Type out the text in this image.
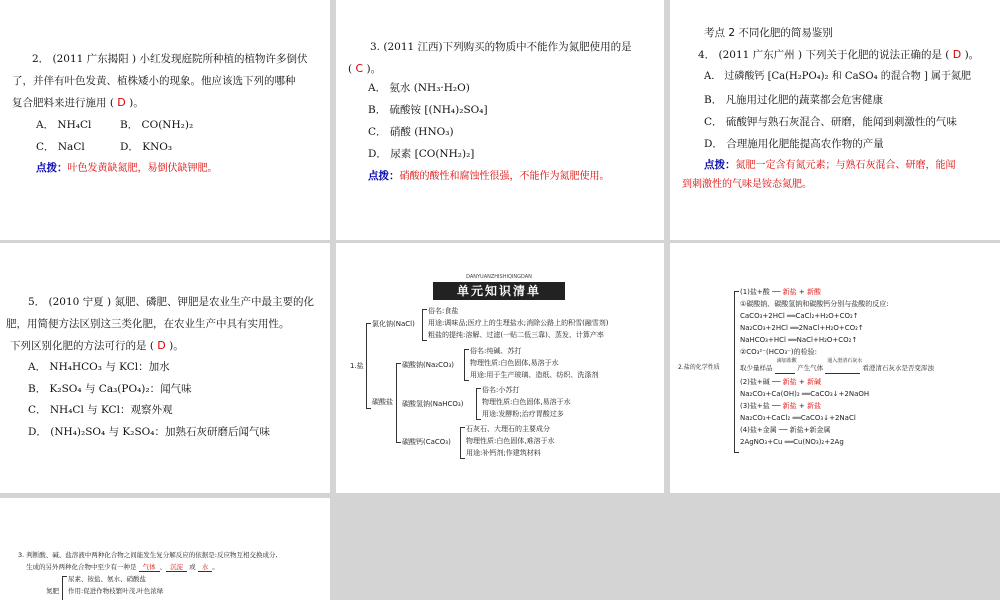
2． (2011 广东揭阳 ) 小红发现庭院所种植的植物许多倒伏
了，并伴有叶色发黄、植株矮小的现象。他应该选下列的哪种
复合肥料来进行施用 ( D )。
A． NH₄Cl	B． CO(NH₂)₂
C． NaCl	D． KNO₃
点拨：叶色发黄缺氮肥，易倒伏缺钾肥。
3. (2011 江西)下列购买的物质中不能作为氮肥使用的是
( C )。
A． 氨水 (NH₃·H₂O)
B． 硫酸铵 [(NH₄)₂SO₄]
C． 硝酸 (HNO₃)
D． 尿素 [CO(NH₂)₂]
点拨：硝酸的酸性和腐蚀性很强，不能作为氮肥使用。
考点 2 不同化肥的简易鉴别
4． (2011 广东广州 ) 下列关于化肥的说法正确的是 ( D )。
A． 过磷酸钙 [Ca(H₂PO₄)₂ 和 CaSO₄ 的混合物 ] 属于氮肥
B． 凡施用过化肥的蔬菜都会危害健康
C． 硫酸钾与熟石灰混合、研磨，能闻到刺激性的气味
D． 合理施用化肥能提高农作物的产量
点拨：氮肥一定含有氮元素；与熟石灰混合、研磨，能闻
到刺激性的气味是铵态氮肥。
5． (2010 宁夏 ) 氮肥、磷肥、钾肥是农业生产中最主要的化
肥，用简便方法区别这三类化肥，在农业生产中具有实用性。
下列区别化肥的方法可行的是 ( D )。
A． NH₄HCO₃ 与 KCl：加水
B． K₂SO₄ 与 Ca₃(PO₄)₂：闻气味
C． NH₄Cl 与 KCl：观察外观
D． (NH₄)₂SO₄ 与 K₂SO₄：加熟石灰研磨后闻气味
DANYUANZHISHIQINGDAN
单元知识清单
1.盐
氯化钠(NaCl)
俗名:食盐
用途:调味品;医疗上的生理盐水;消除公路上的积雪(融雪剂)
粗盐的提纯:溶解、过滤(一贴二低三靠)、蒸发、计算产率
碳酸盐
碳酸钠(Na₂CO₃)
俗名:纯碱、苏打
物理性质:白色固体,易溶于水
用途:用于生产玻璃、造纸、纺织、洗涤剂
碳酸氢钠(NaHCO₃)
俗名:小苏打
物理性质:白色固体,易溶于水
用途:发酵粉;治疗胃酸过多
碳酸钙(CaCO₃)
石灰石、大理石的主要成分
物理性质:白色固体,难溶于水
用途:补钙剂;作建筑材料
2.盐的化学性质
(1)盐+酸 ── 新盐 + 新酸
①碳酸钠、碳酸氢钠和碳酸钙分别与盐酸的反应:
CaCO₃+2HCl ══CaCl₂+H₂O+CO₂↑
Na₂CO₃+2HCl ══2NaCl+H₂O+CO₂↑
NaHCO₃+HCl ══NaCl+H₂O+CO₂↑
②CO₃²⁻(HCO₃⁻)的检验:
取少量样品
滴加盐酸
产生气体
通入澄清石灰水
看澄清石灰水是否变浑浊
(2)盐+碱 ── 新盐 + 新碱
Na₂CO₃+Ca(OH)₂ ══CaCO₃↓+2NaOH
(3)盐+盐 ── 新盐 + 新盐
Na₂CO₃+CaCl₂ ══CaCO₃↓+2NaCl
(4)盐+金属 ── 新盐+新金属
2AgNO₃+Cu ══Cu(NO₃)₂+2Ag
3. 判断酸、碱、盐溶液中两种化合物之间能发生复分解反应的依据是:反应物互相交换成分,
生成的另外两种化合物中至少有一种是 气体 、 沉淀 或 水 。
尿素、铵盐、氨水、硝酸盐
氮肥 作用:促进作物枝繁叶茂,叶色浓绿
